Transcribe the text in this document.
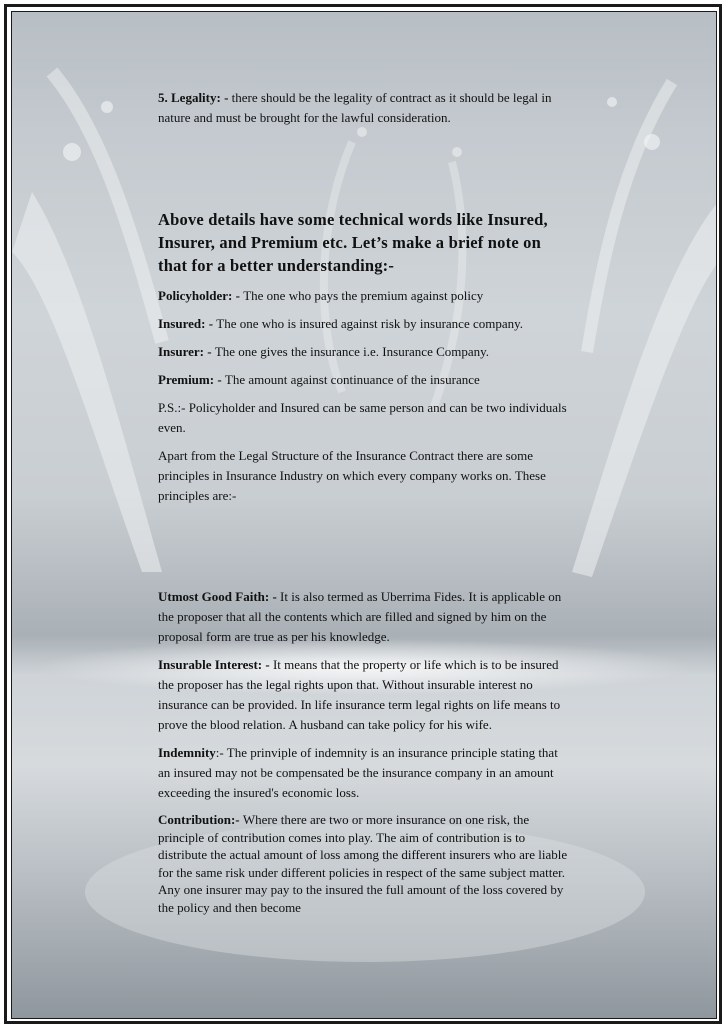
5. Legality: - there should be the legality of contract as it should be legal in nature and must be brought for the lawful consideration.

Above details have some technical words like Insured, Insurer, and Premium etc. Let’s make a brief note on that for a better understanding:-

Policyholder: - The one who pays the premium against policy

Insured: - The one who is insured against risk by insurance company.

Insurer: - The one gives the insurance i.e. Insurance Company.

Premium: - The amount against continuance of the insurance

P.S.:- Policyholder and Insured can be same person and can be two individuals even.

Apart from the Legal Structure of the Insurance Contract there are some principles in Insurance Industry on which every company works on. These principles are:-

Utmost Good Faith: - It is also termed as Uberrima Fides. It is applicable on the proposer that all the contents which are filled and signed by him on the proposal form are true as per his knowledge.

Insurable Interest: - It means that the property or life which is to be insured the proposer has the legal rights upon that. Without insurable interest no insurance can be provided. In life insurance term legal rights on life means to prove the blood relation. A husband can take policy for his wife.

Indemnity:- The prinviple of indemnity is an insurance principle stating that an insured may not be compensated be the insurance company in an amount exceeding the insured's economic loss.

Contribution:- Where there are two or more insurance on one risk, the principle of contribution comes into play. The aim of contribution is to distribute the actual amount of loss among the different insurers who are liable for the same risk under different policies in respect of the same subject matter. Any one insurer may pay to the insured the full amount of the loss covered by the policy and then become
